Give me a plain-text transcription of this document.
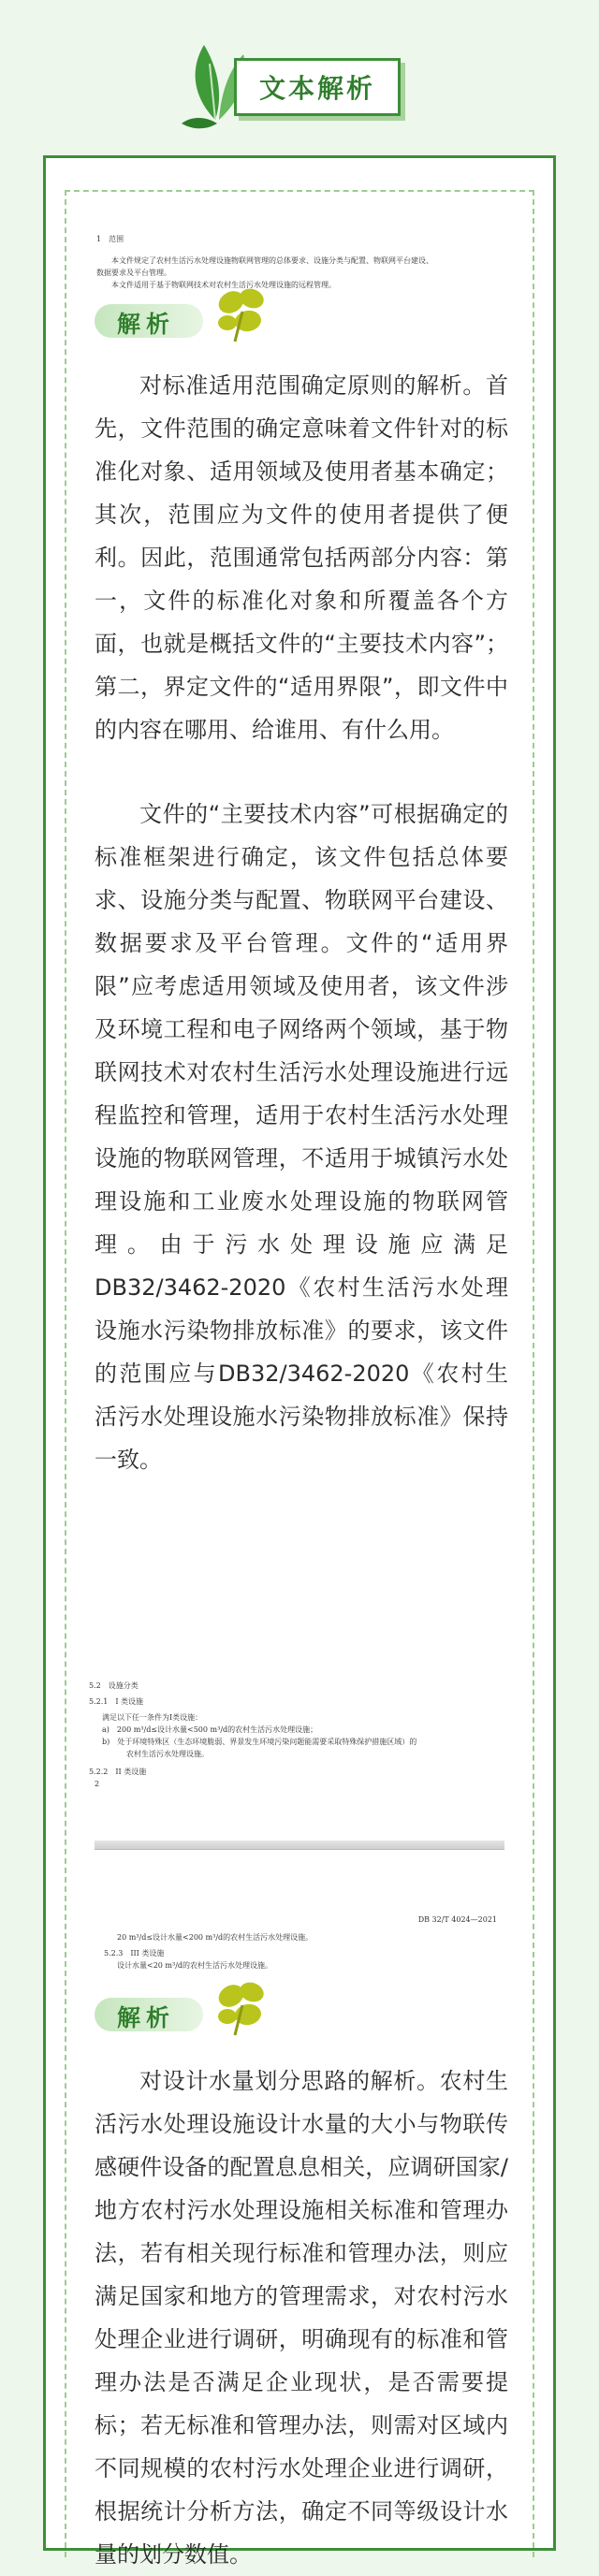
文本解析
1　范围
本文件规定了农村生活污水处理设施物联网管理的总体要求、设施分类与配置、物联网平台建设、
数据要求及平台管理。
本文件适用于基于物联网技术对农村生活污水处理设施的远程管理。
解析
对标准适用范围确定原则的解析。首先，文件范围的确定意味着文件针对的标准化对象、适用领域及使用者基本确定；其次，范围应为文件的使用者提供了便利。因此，范围通常包括两部分内容：第一，文件的标准化对象和所覆盖各个方面，也就是概括文件的“主要技术内容”；第二，界定文件的“适用界限”，即文件中的内容在哪用、给谁用、有什么用。
文件的“主要技术内容”可根据确定的标准框架进行确定，该文件包括总体要求、设施分类与配置、物联网平台建设、数据要求及平台管理。文件的“适用界限”应考虑适用领域及使用者，该文件涉及环境工程和电子网络两个领域，基于物联网技术对农村生活污水处理设施进行远程监控和管理，适用于农村生活污水处理设施的物联网管理，不适用于城镇污水处理设施和工业废水处理设施的物联网管理。由于污水处理设施应满足DB32/3462-2020《农村生活污水处理设施水污染物排放标准》的要求，该文件的范围应与DB32/3462-2020《农村生活污水处理设施水污染物排放标准》保持一致。
5.2　设施分类
5.2.1　I 类设施
满足以下任一条件为I类设施：
a)　200 m³/d≤设计水量<500 m³/d的农村生活污水处理设施；
b)　处于环境特殊区（生态环境脆弱、界景发生环境污染问题能需要采取特殊保护措施区域）的
农村生活污水处理设施。
5.2.2　II 类设施
2
DB 32/T 4024—2021
20 m³/d≤设计水量<200 m³/d的农村生活污水处理设施。
5.2.3　III 类设施
设计水量<20 m³/d的农村生活污水处理设施。
解析
对设计水量划分思路的解析。农村生活污水处理设施设计水量的大小与物联传感硬件设备的配置息息相关，应调研国家/地方农村污水处理设施相关标准和管理办法，若有相关现行标准和管理办法，则应满足国家和地方的管理需求，对农村污水处理企业进行调研，明确现有的标准和管理办法是否满足企业现状，是否需要提标；若无标准和管理办法，则需对区域内不同规模的农村污水处理企业进行调研，根据统计分析方法，确定不同等级设计水量的划分数值。
